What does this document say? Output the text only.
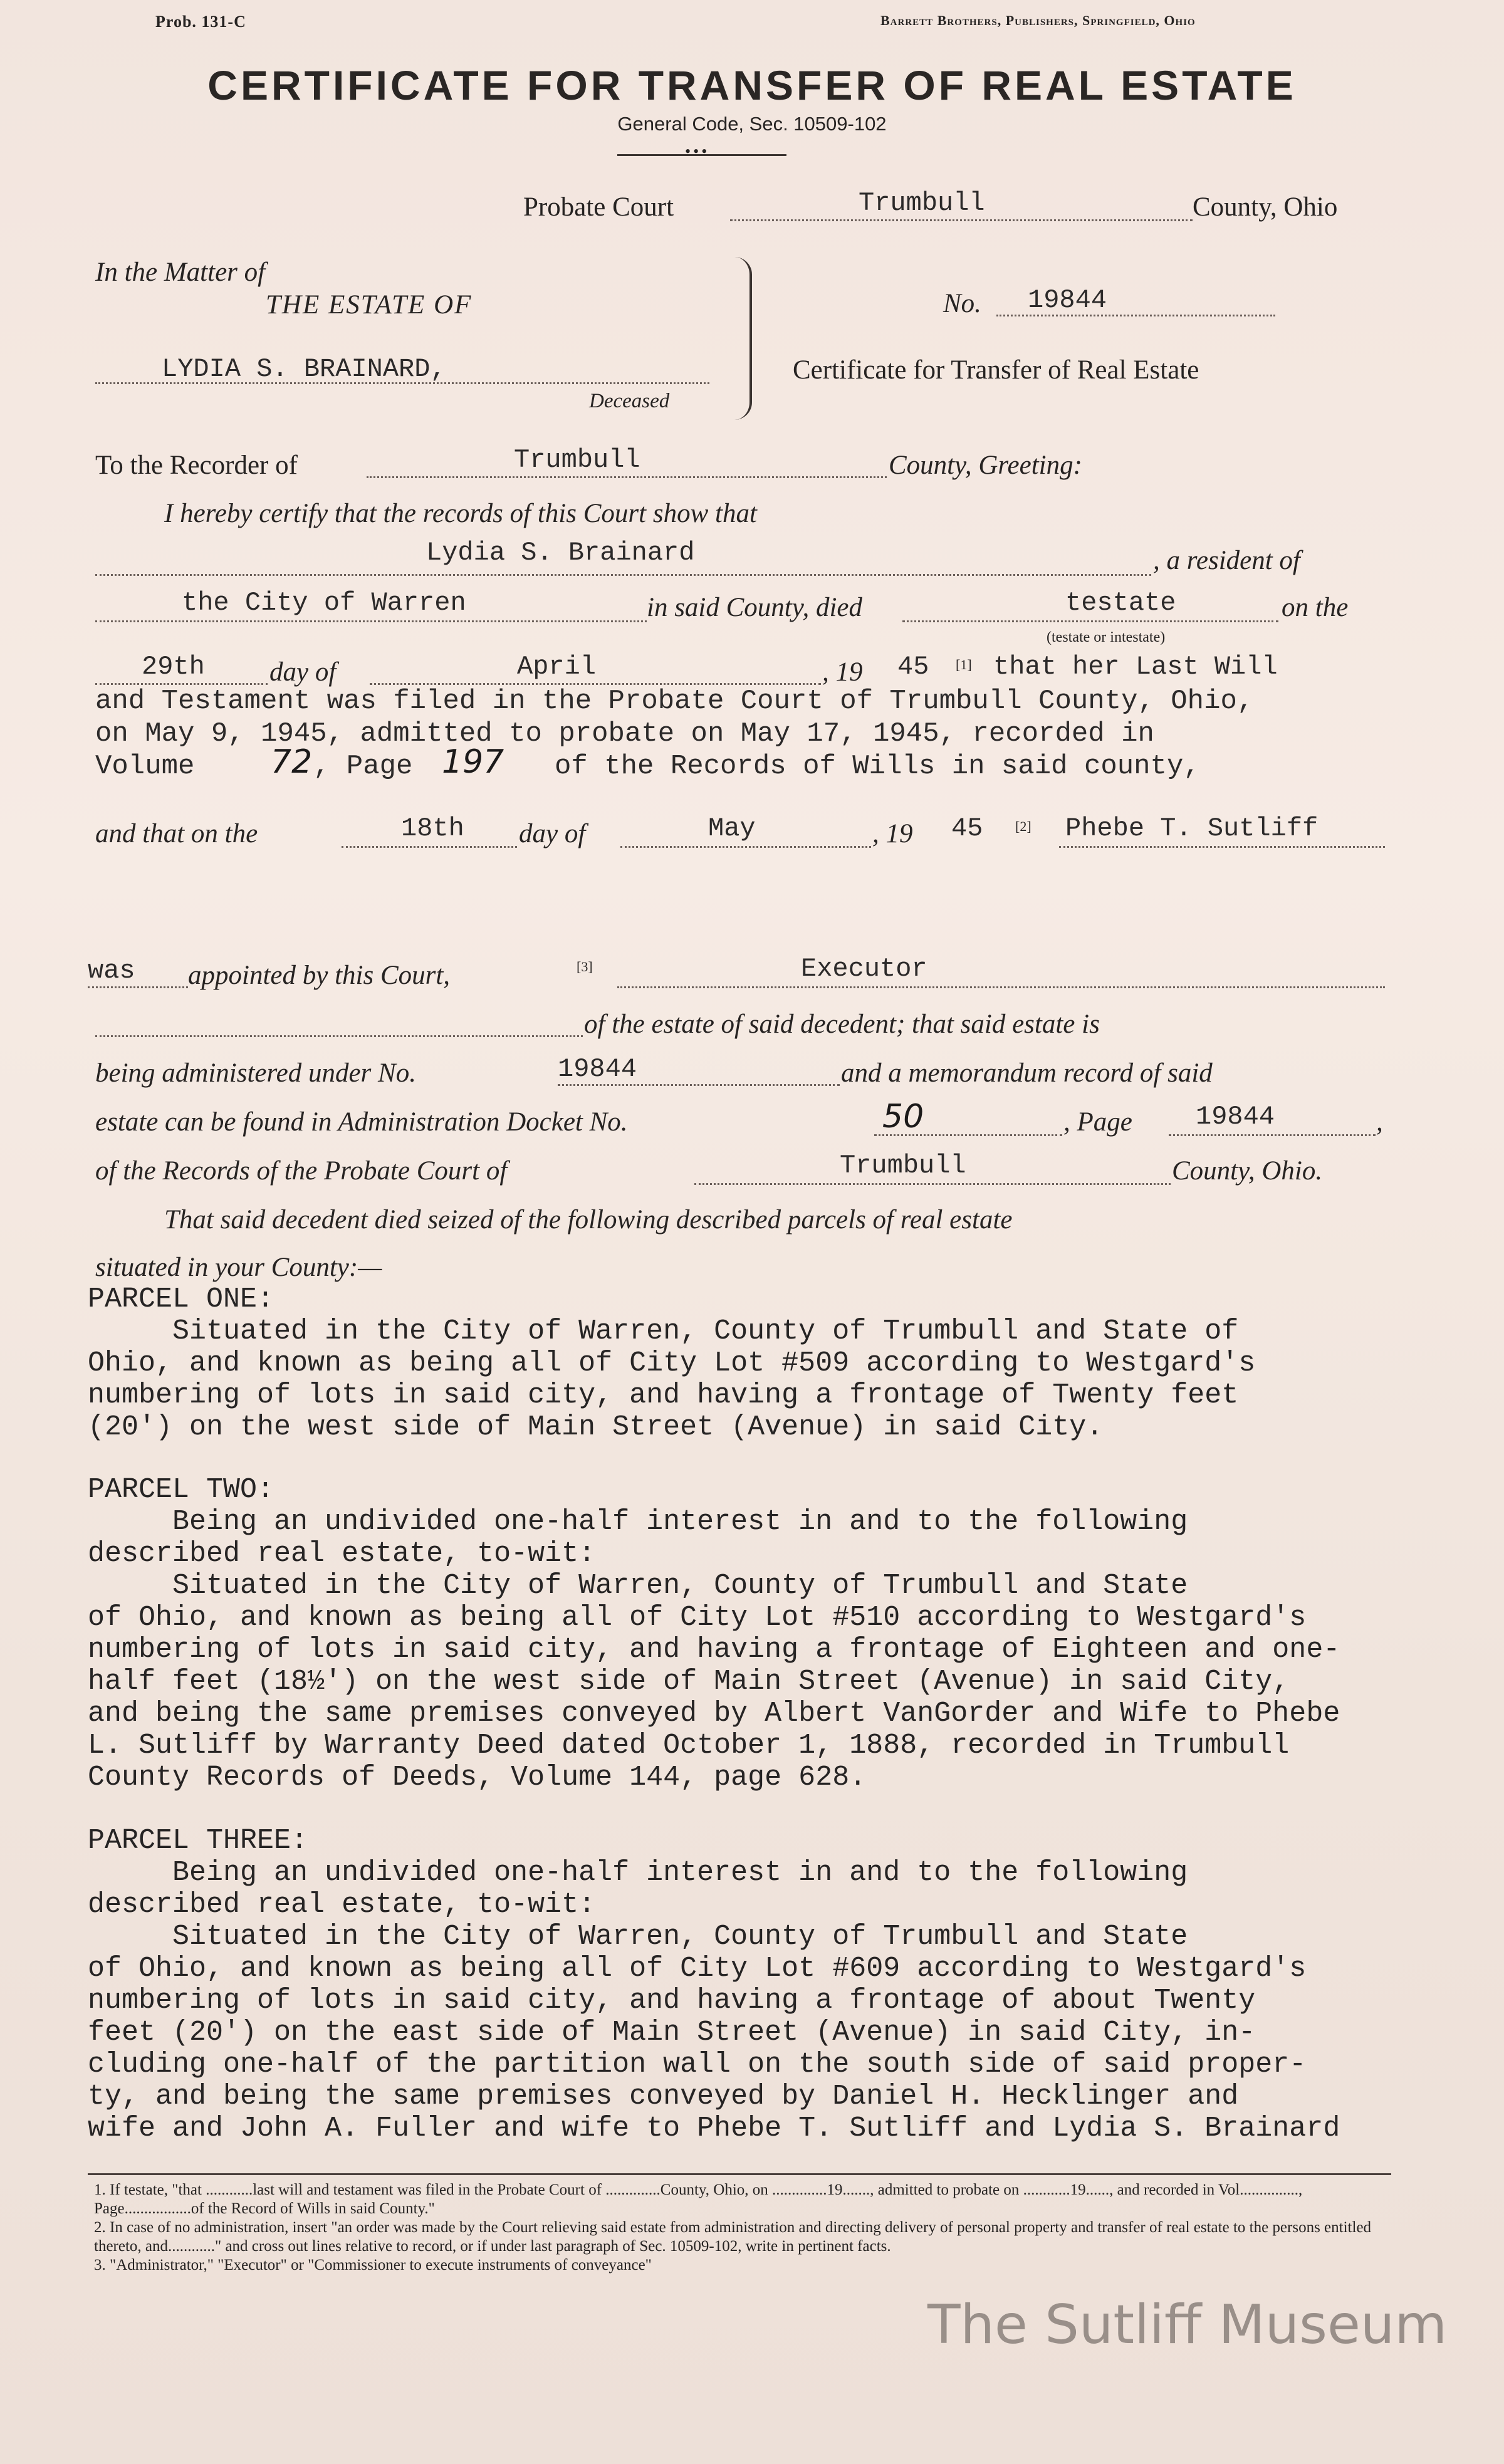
Prob. 131-C	Barrett Brothers, Publishers, Springfield, Ohio
CERTIFICATE FOR TRANSFER OF REAL ESTATE
General Code, Sec. 10509-102
•••
Probate Court	Trumbull	County, Ohio
In the Matter of
THE ESTATE OF
LYDIA S. BRAINARD,
Deceased
No. 19844
Certificate for Transfer of Real Estate
To the Recorder of	Trumbull	County, Greeting:
I hereby certify that the records of this Court show that
Lydia S. Brainard	, a resident of
the City of Warren	in said County, died	testate	on the
(testate or intestate)
29th day of	April	, 19 45 [1] that her Last Will
and Testament was filed in the Probate Court of Trumbull County, Ohio,
on May 9, 1945, admitted to probate on May 17, 1945, recorded in
Volume 72 , Page 197 of the Records of Wills in said county,
and that on the	18th day of	May	, 19 45 [2] Phebe T. Sutliff
was appointed by this Court,	[3]	Executor
of the estate of said decedent; that said estate is
being administered under No.	19844	and a memorandum record of said
estate can be found in Administration Docket No.	50	, Page 19844	,
of the Records of the Probate Court of	Trumbull	County, Ohio.
That said decedent died seized of the following described parcels of real estate
situated in your County:—

PARCEL ONE:

Situated in the City of Warren, County of Trumbull and State of

Ohio, and known as being all of City Lot #509 according to Westgard's

numbering of lots in said city, and having a frontage of Twenty feet

(20') on the west side of Main Street (Avenue) in said City.

PARCEL TWO:

Being an undivided one-half interest in and to the following

described real estate, to-wit:

Situated in the City of Warren, County of Trumbull and State

of Ohio, and known as being all of City Lot #510 according to Westgard's

numbering of lots in said city, and having a frontage of Eighteen and one-

half feet (18½') on the west side of Main Street (Avenue) in said City,

and being the same premises conveyed by Albert VanGorder and Wife to Phebe

L. Sutliff by Warranty Deed dated October 1, 1888, recorded in Trumbull

County Records of Deeds, Volume 144, page 628.

PARCEL THREE:

Being an undivided one-half interest in and to the following

described real estate, to-wit:

Situated in the City of Warren, County of Trumbull and State

of Ohio, and known as being all of City Lot #609 according to Westgard's

numbering of lots in said city, and having a frontage of about Twenty

feet (20') on the east side of Main Street (Avenue) in said City, in-

cluding one-half of the partition wall on the south side of said proper-

ty, and being the same premises conveyed by Daniel H. Hecklinger and

wife and John A. Fuller and wife to Phebe T. Sutliff and Lydia S. Brainard

1. If testate, "that ............last will and testament was filed in the Probate Court of ..............County, Ohio, on ..............19......., admitted to probate on ............19......, and recorded in Vol..............., Page.................of the Record of Wills in said County."

2. In case of no administration, insert "an order was made by the Court relieving said estate from administration and directing delivery of personal property and transfer of real estate to the persons entitled thereto, and............" and cross out lines relative to record, or if under last paragraph of Sec. 10509-102, write in pertinent facts.

3. "Administrator," "Executor" or "Commissioner to execute instruments of conveyance"

The Sutliff Museum
